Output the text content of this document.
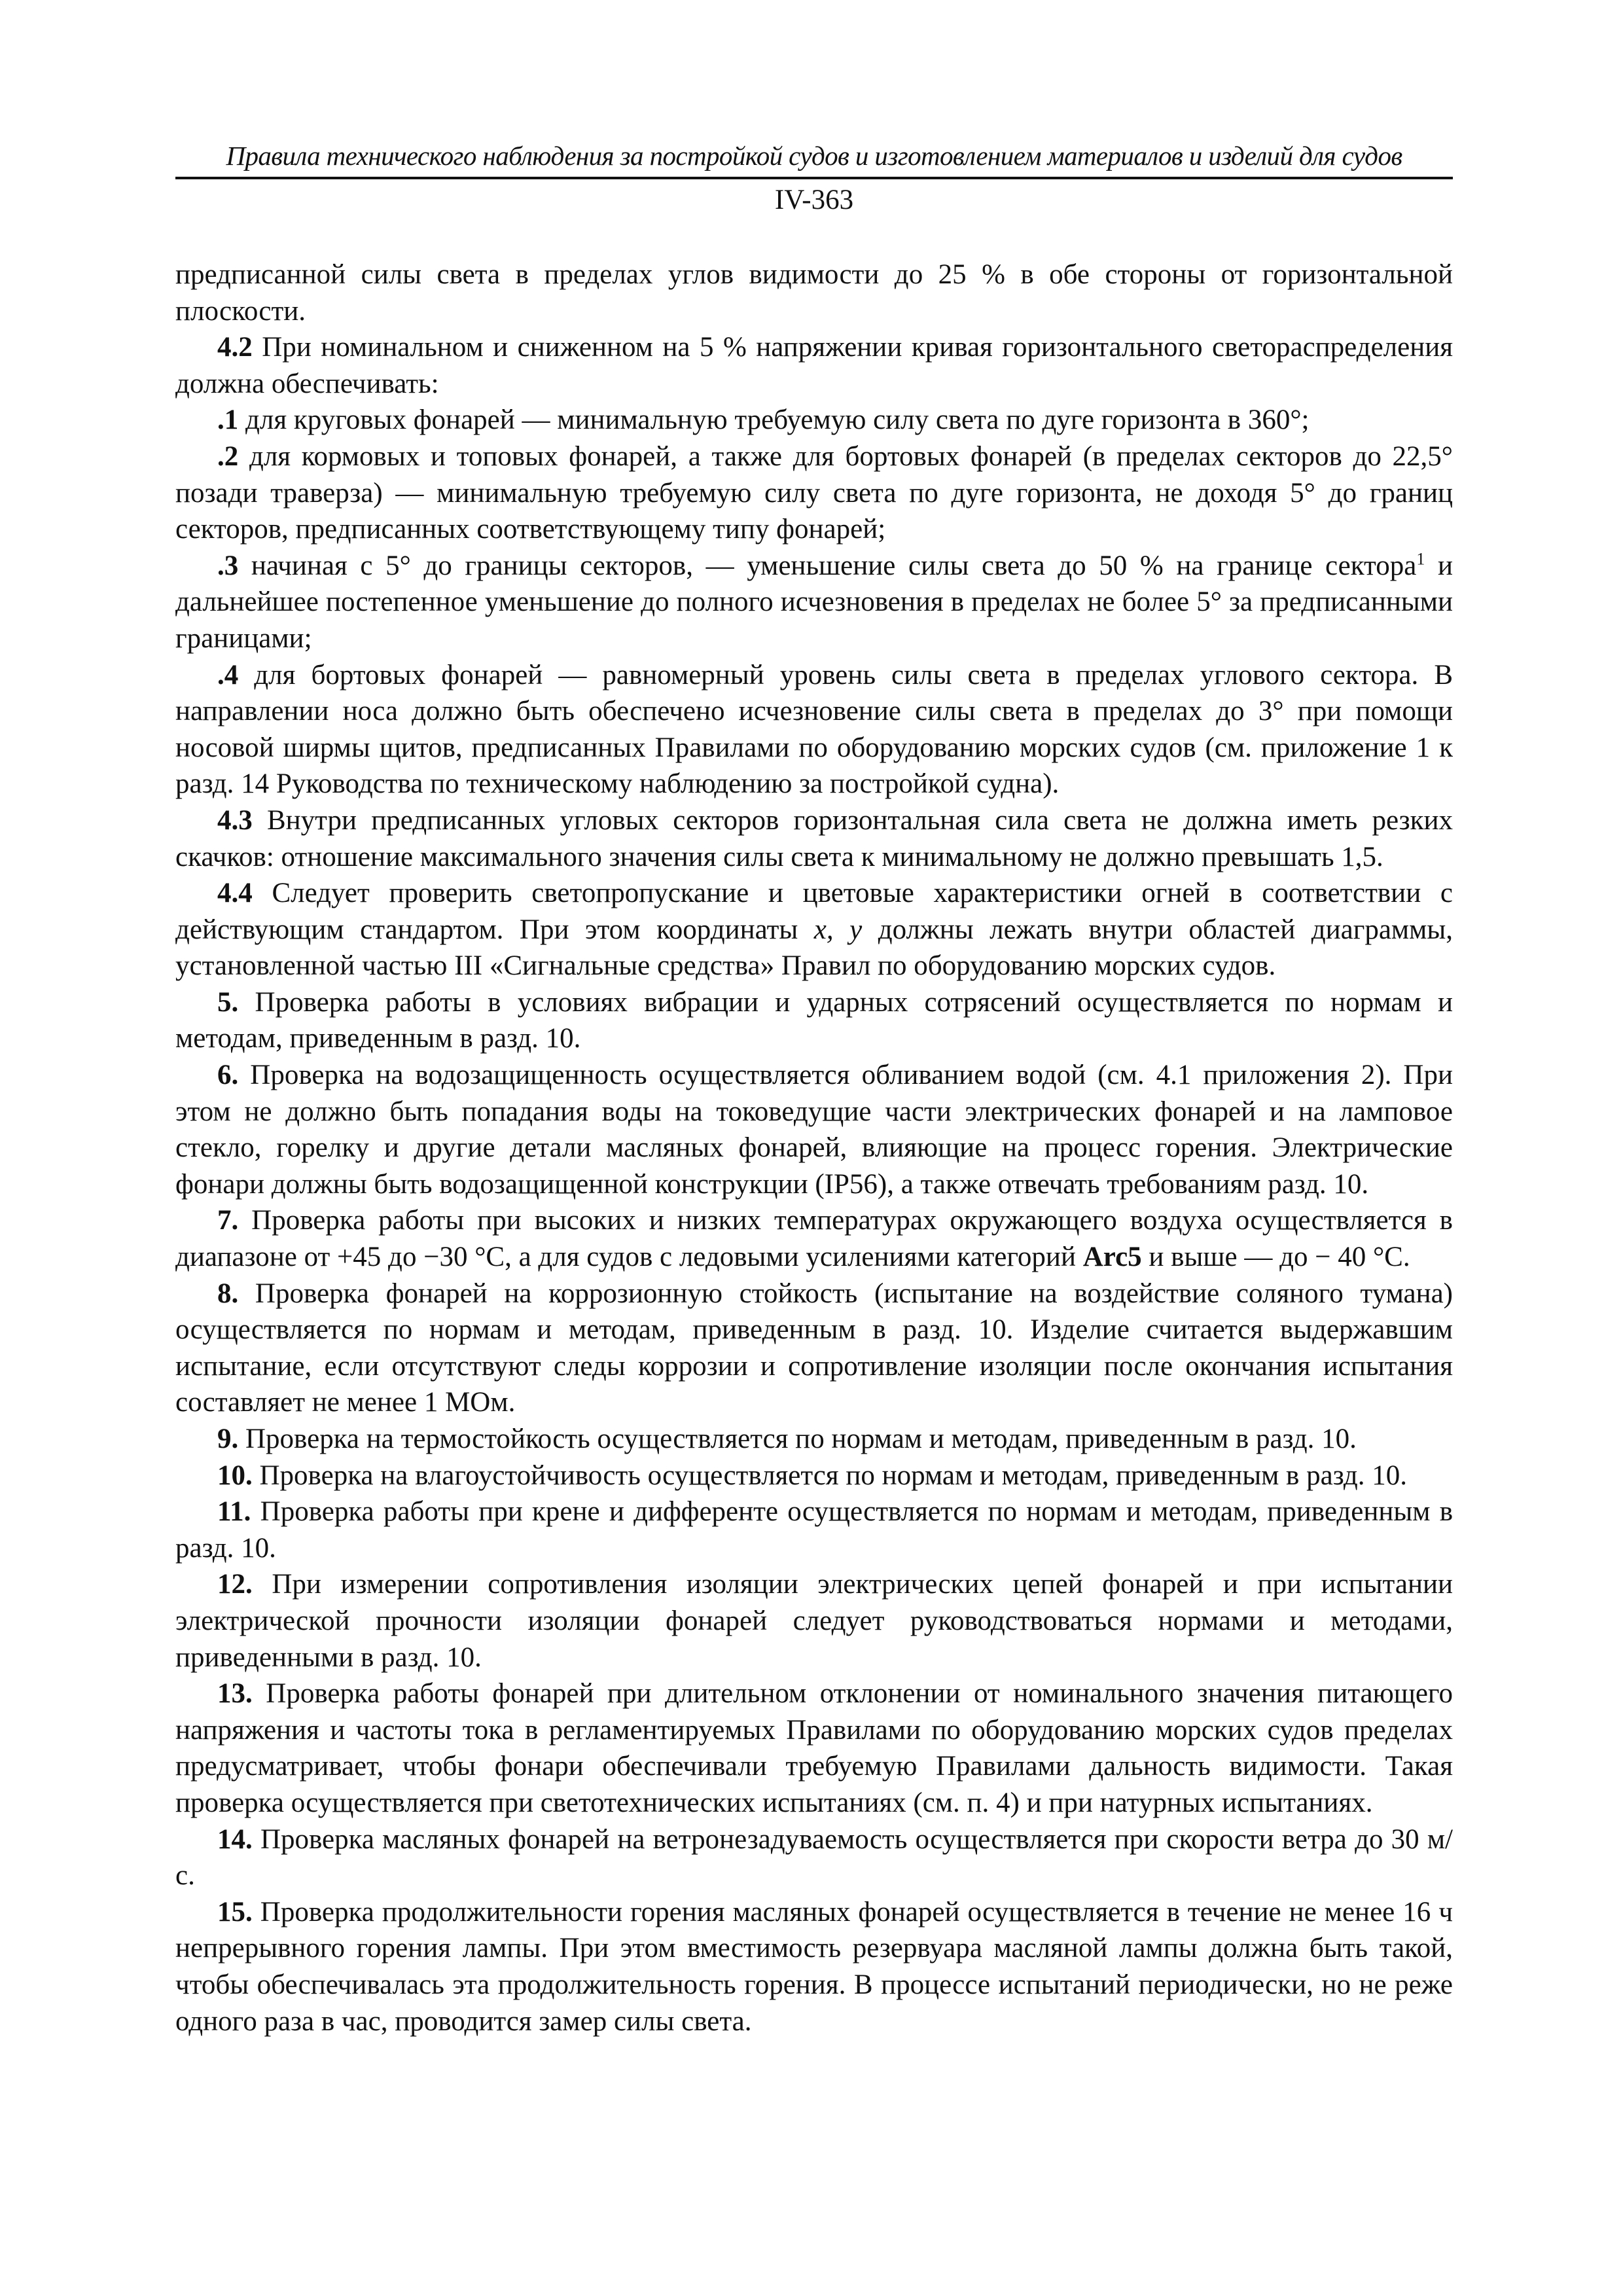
Правила технического наблюдения за постройкой судов и изготовлением материалов и изделий для судов
IV-363

предписанной силы света в пределах углов видимости до 25 % в обе стороны от горизонтальной плоскости.

4.2 При номинальном и сниженном на 5 % напряжении кривая горизонтального светораспределения должна обеспечивать:

.1 для круговых фонарей — минимальную требуемую силу света по дуге горизонта в 360°;

.2 для кормовых и топовых фонарей, а также для бортовых фонарей (в пределах секторов до 22,5° позади траверза) — минимальную требуемую силу света по дуге горизонта, не доходя 5° до границ секторов, предписанных соответствующему типу фонарей;

.3 начиная с 5° до границы секторов, — уменьшение силы света до 50 % на границе сектора$^1$ и дальнейшее постепенное уменьшение до полного исчезновения в пределах не более 5° за предписанными границами;

.4 для бортовых фонарей — равномерный уровень силы света в пределах углового сектора. В направлении носа должно быть обеспечено исчезновение силы света в пределах до 3° при помощи носовой ширмы щитов, предписанных Правилами по оборудованию морских судов (см. приложение 1 к разд. 14 Руководства по техническому наблюдению за постройкой судна).

4.3 Внутри предписанных угловых секторов горизонтальная сила света не должна иметь резких скачков: отношение максимального значения силы света к минимальному не должно превышать 1,5.

4.4 Следует проверить светопропускание и цветовые характеристики огней в соответствии с действующим стандартом. При этом координаты х, у должны лежать внутри областей диаграммы, установленной частью III «Сигнальные средства» Правил по оборудованию морских судов.

5. Проверка работы в условиях вибрации и ударных сотрясений осуществляется по нормам и методам, приведенным в разд. 10.

6. Проверка на водозащищенность осуществляется обливанием водой (см. 4.1 приложения 2). При этом не должно быть попадания воды на токоведущие части электрических фонарей и на ламповое стекло, горелку и другие детали масляных фонарей, влияющие на процесс горения. Электрические фонари должны быть водозащищенной конструкции (IP56), а также отвечать требованиям разд. 10.

7. Проверка работы при высоких и низких температурах окружающего воздуха осуществляется в диапазоне от +45 до −30 °С, а для судов с ледовыми усилениями категорий Arc5 и выше — до − 40 °С.

8. Проверка фонарей на коррозионную стойкость (испытание на воздействие соляного тумана) осуществляется по нормам и методам, приведенным в разд. 10. Изделие считается выдержавшим испытание, если отсутствуют следы коррозии и сопротивление изоляции после окончания испытания составляет не менее 1 МОм.

9. Проверка на термостойкость осуществляется по нормам и методам, приведенным в разд. 10.

10. Проверка на влагоустойчивость осуществляется по нормам и методам, приведенным в разд. 10.

11. Проверка работы при крене и дифференте осуществляется по нормам и методам, приведенным в разд. 10.

12. При измерении сопротивления изоляции электрических цепей фонарей и при испытании электрической прочности изоляции фонарей следует руководствоваться нормами и методами, приведенными в разд. 10.

13. Проверка работы фонарей при длительном отклонении от номинального значения питающего напряжения и частоты тока в регламентируемых Правилами по оборудованию морских судов пределах предусматривает, чтобы фонари обеспечивали требуемую Правилами дальность видимости. Такая проверка осуществляется при светотехнических испытаниях (см. п. 4) и при натурных испытаниях.

14. Проверка масляных фонарей на ветронезадуваемость осуществляется при скорости ветра до 30 м/с.

15. Проверка продолжительности горения масляных фонарей осуществляется в течение не менее 16 ч непрерывного горения лампы. При этом вместимость резервуара масляной лампы должна быть такой, чтобы обеспечивалась эта продолжительность горения. В процессе испытаний периодически, но не реже одного раза в час, проводится замер силы света.
